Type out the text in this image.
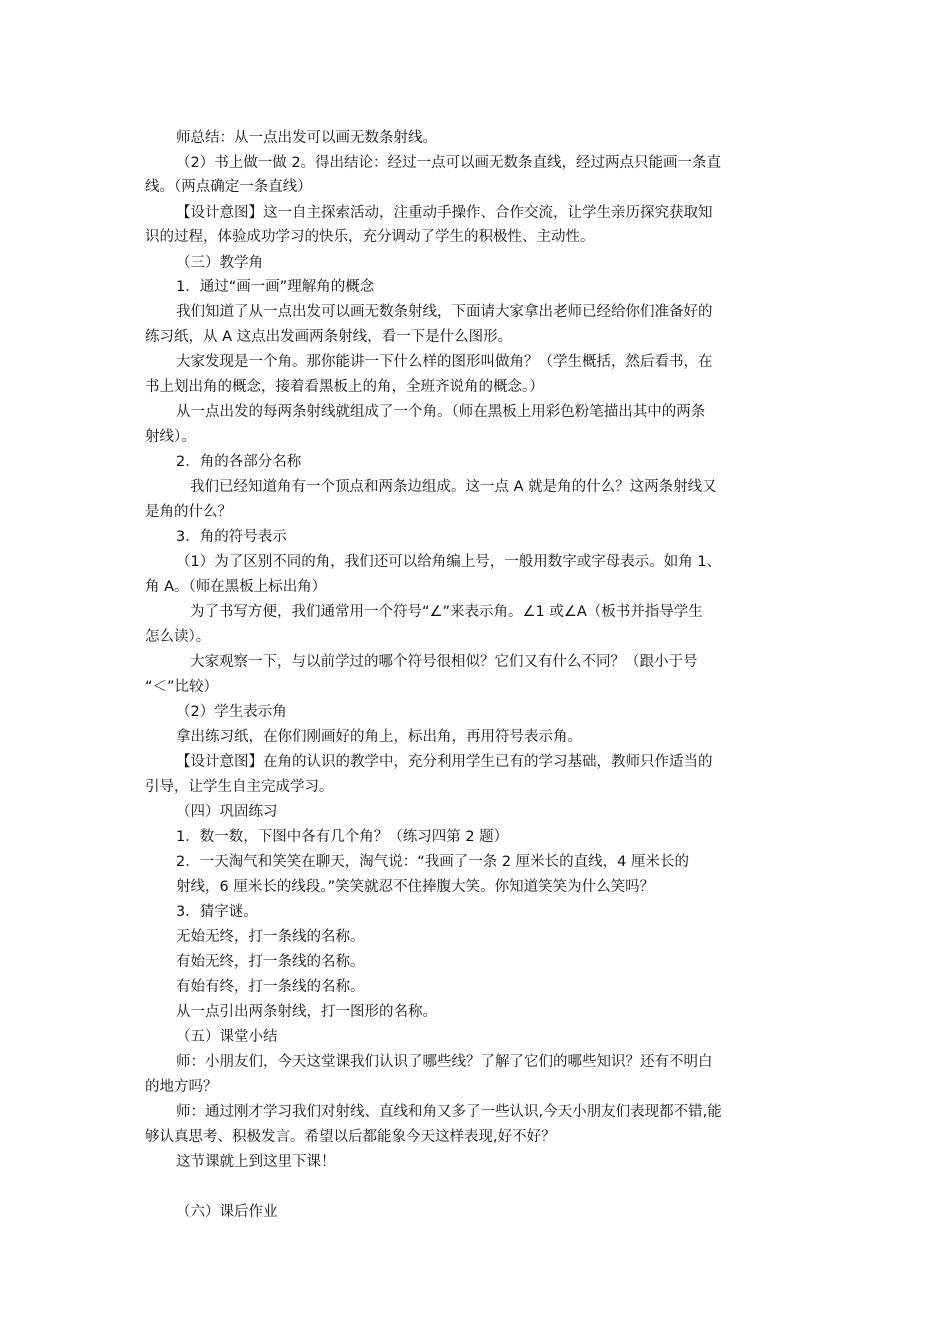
师总结：从一点出发可以画无数条射线。
（2）书上做一做 2。得出结论：经过一点可以画无数条直线，经过两点只能画一条直
线。（两点确定一条直线）
【设计意图】这一自主探索活动，注重动手操作、合作交流，让学生亲历探究获取知
识的过程，体验成功学习的快乐，充分调动了学生的积极性、主动性。
（三）教学角
1．通过“画一画”理解角的概念
我们知道了从一点出发可以画无数条射线，下面请大家拿出老师已经给你们准备好的
练习纸，从 A 这点出发画两条射线，看一下是什么图形。
大家发现是一个角。那你能讲一下什么样的图形叫做角？（学生概括，然后看书，在
书上划出角的概念，接着看黑板上的角，全班齐说角的概念。）
从一点出发的每两条射线就组成了一个角。（师在黑板上用彩色粉笔描出其中的两条
射线）。
2．角的各部分名称
我们已经知道角有一个顶点和两条边组成。这一点 A 就是角的什么？这两条射线又
是角的什么？
3．角的符号表示
（1）为了区别不同的角，我们还可以给角编上号，一般用数字或字母表示。如角 1、
角 A。（师在黑板上标出角）
为了书写方便，我们通常用一个符号“∠”来表示角。∠1 或∠A（板书并指导学生
怎么读）。
大家观察一下，与以前学过的哪个符号很相似？它们又有什么不同？（跟小于号
“＜”比较）
（2）学生表示角
拿出练习纸，在你们刚画好的角上，标出角，再用符号表示角。
【设计意图】在角的认识的教学中，充分利用学生已有的学习基础，教师只作适当的
引导，让学生自主完成学习。
（四）巩固练习
1．数一数，下图中各有几个角？（练习四第 2 题）
2．一天淘气和笑笑在聊天，淘气说：“我画了一条 2 厘米长的直线，4 厘米长的
射线，6 厘米长的线段。”笑笑就忍不住捧腹大笑。你知道笑笑为什么笑吗？
3．猜字谜。
无始无终，打一条线的名称。
有始无终，打一条线的名称。
有始有终，打一条线的名称。
从一点引出两条射线，打一图形的名称。
（五）课堂小结
师：小朋友们，今天这堂课我们认识了哪些线？了解了它们的哪些知识？还有不明白
的地方吗？
师：通过刚才学习我们对射线、直线和角又多了一些认识,今天小朋友们表现都不错,能
够认真思考、积极发言。希望以后都能象今天这样表现,好不好？
这节课就上到这里下课！
（六）课后作业
